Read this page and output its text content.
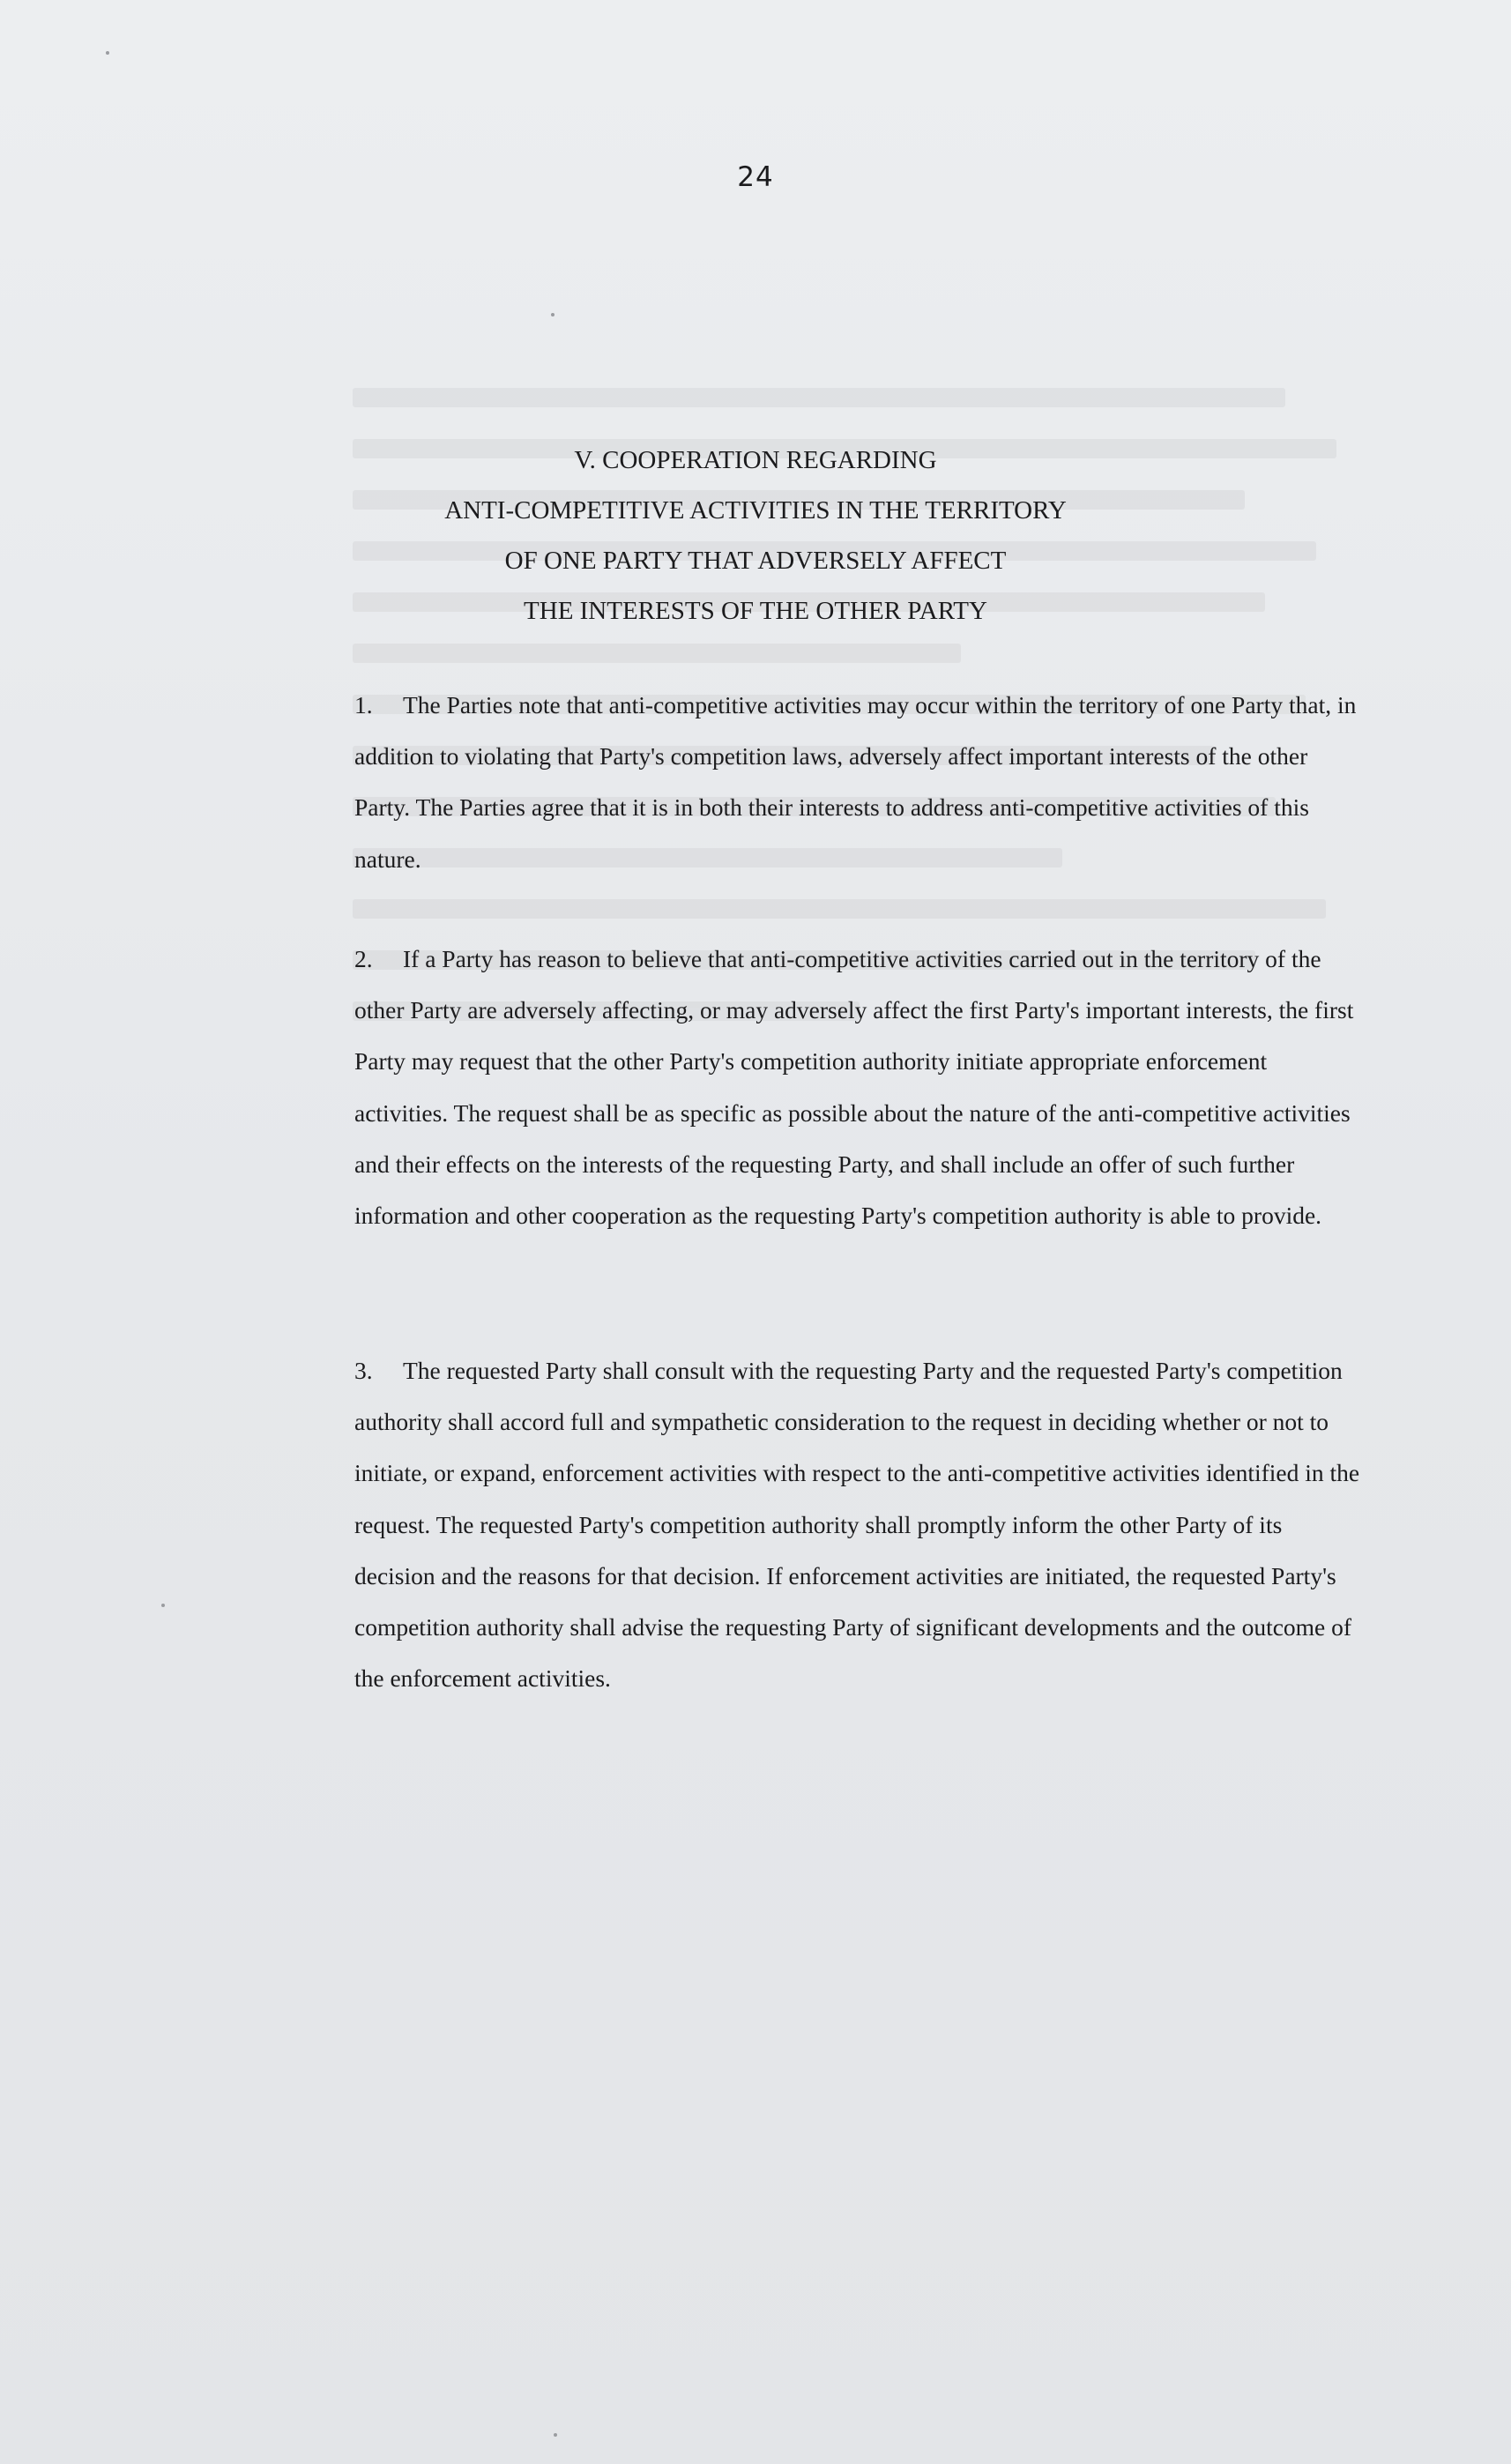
24
V. COOPERATION REGARDING
ANTI-COMPETITIVE ACTIVITIES IN THE TERRITORY
OF ONE PARTY THAT ADVERSELY AFFECT
THE INTERESTS OF THE OTHER PARTY

1. The Parties note that anti-competitive activities may occur within the territory of one Party that, in addition to violating that Party's competition laws, adversely affect important interests of the other Party. The Parties agree that it is in both their interests to address anti-competitive activities of this nature.

2. If a Party has reason to believe that anti-competitive activities carried out in the territory of the other Party are adversely affecting, or may adversely affect the first Party's important interests, the first Party may request that the other Party's competition authority initiate appropriate enforcement activities. The request shall be as specific as possible about the nature of the anti-competitive activities and their effects on the interests of the requesting Party, and shall include an offer of such further information and other cooperation as the requesting Party's competition authority is able to provide.

3. The requested Party shall consult with the requesting Party and the requested Party's competition authority shall accord full and sympathetic consideration to the request in deciding whether or not to initiate, or expand, enforcement activities with respect to the anti-competitive activities identified in the request. The requested Party's competition authority shall promptly inform the other Party of its decision and the reasons for that decision. If enforcement activities are initiated, the requested Party's competition authority shall advise the requesting Party of significant developments and the outcome of the enforcement activities.
